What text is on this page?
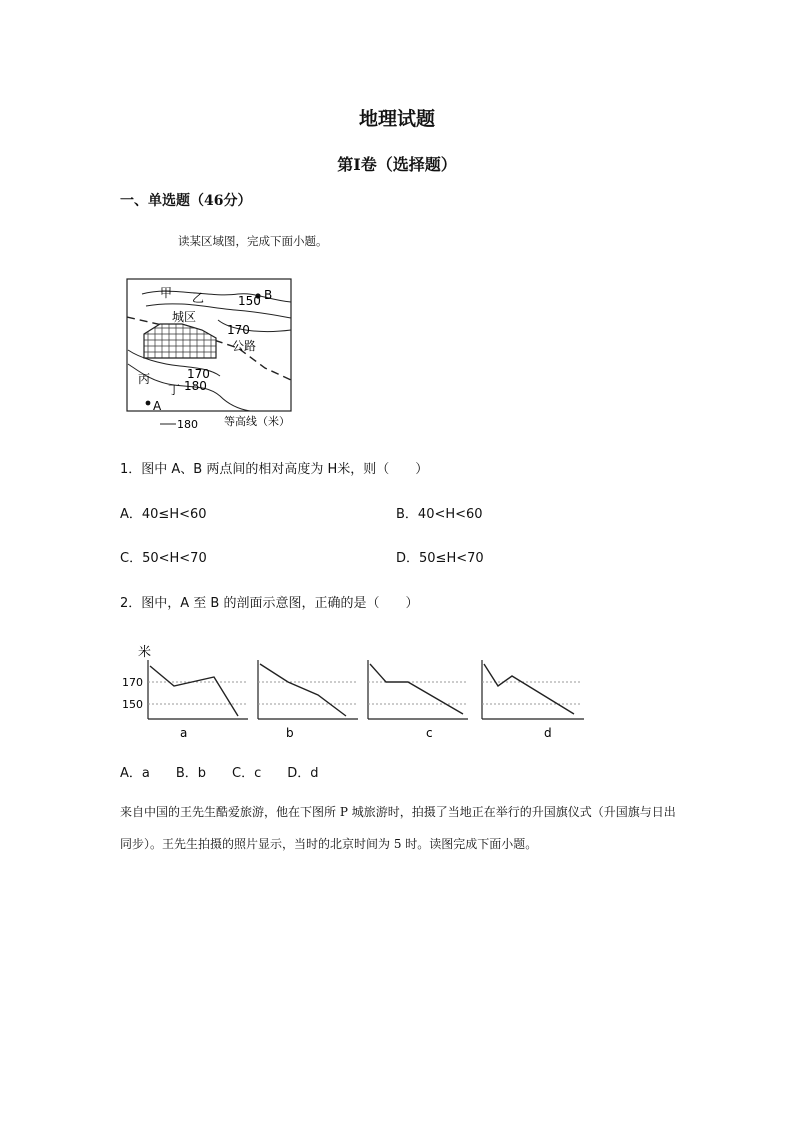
地理试题
第I卷（选择题）
一、单选题（46分）
读某区域图，完成下面小题。
甲 乙	150 B
城区
170
公路
170
丙
丁 180
A
180 等高线（米）
1．图中 A、B 两点间的相对高度为 H米，则（　　）
A．40≤H<60	B．40<H<60
C．50<H<70	D．50≤H<70
2．图中，A 至 B 的剖面示意图，正确的是（　　）
米
170
150
a	b	c	d
A．a　　B．b　　C．c　　D．d
来自中国的王先生酷爱旅游，他在下图所 P 城旅游时，拍摄了当地正在举行的升国旗仪式（升国旗与日出同步）。王先生拍摄的照片显示，当时的北京时间为 5 时。读图完成下面小题。
